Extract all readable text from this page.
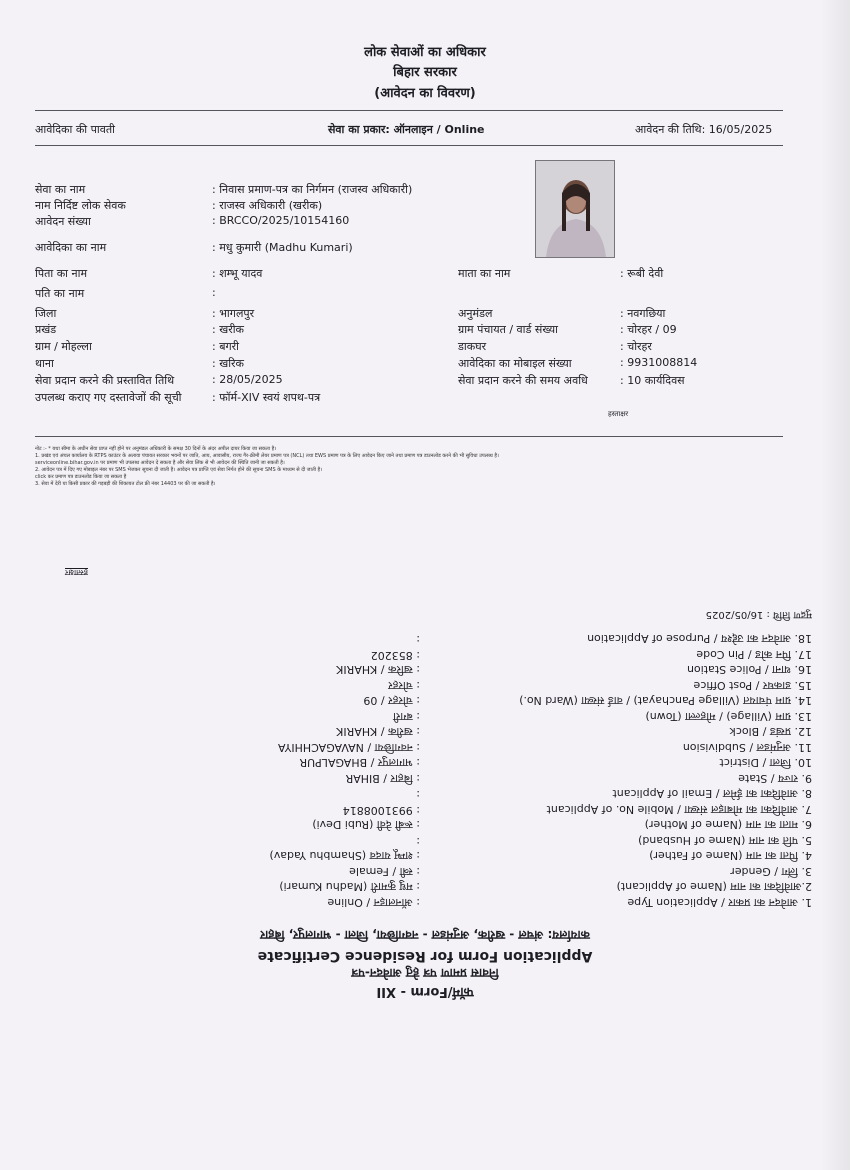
लोक सेवाओं का अधिकार
बिहार सरकार
(आवेदन का विवरण)
आवेदिका की पावती	सेवा का प्रकार: ऑनलाइन / Online	आवेदन की तिथि: 16/05/2025
सेवा का नाम	: निवास प्रमाण-पत्र का निर्गमन (राजस्व अधिकारी)
नाम निर्दिष्ट लोक सेवक	: राजस्व अधिकारी (खरीक)
आवेदन संख्या	: BRCCO/2025/10154160
आवेदिका का नाम	: मधु कुमारी (Madhu Kumari)
पिता का नाम	: शम्भू यादव	माता का नाम	: रूबी देवी
पति का नाम	:
जिला	: भागलपुर	अनुमंडल	: नवगछिया
प्रखंड	: खरीक	ग्राम पंचायत / वार्ड संख्या	: चोरहर / 09
ग्राम / मोहल्ला	: बगरी	डाकघर	: चोरहर
थाना	: खरिक	आवेदिका का मोबाइल संख्या	: 9931008814
सेवा प्रदान करने की प्रस्तावित तिथि	: 28/05/2025	सेवा प्रदान करने की समय अवधि	: 10 कार्यदिवस
उपलब्ध कराए गए दस्तावेजों की सूची	: फॉर्म-XIV स्वयं शपथ-पत्र
हस्ताक्षर
नोट :- * यथा सीमा के अधीन सेवा प्राप्त नहीं होने पर अनुमंडल अधिकारी के समक्ष 30 दिनों के अंदर अपील दायर किया जा सकता है।
1. प्रखंड एवं अंचल कार्यालय के RTPS काउंटर के अलावा पंचायत सरकार भवनों पर जाति, आय, आवासीय, राज्य गैर-क्रीमी लेयर प्रमाण पत्र (NCL) तथा EWS प्रमाण पत्र के लिए आवेदन किए जाने तथा प्रमाण पत्र डाउनलोड करने की भी सुविधा उपलब्ध है।
serviceonline.bihar.gov.in पर प्रमाण भी उपलब्ध आवेदन दे सकता है और सेवा लिंक से भी आवेदन की स्थिति जानी जा सकती है।
2. आवेदन पत्र में दिए गए मोबाइल नंबर पर SMS भेजकर सूचना दी जाती है। आवेदन पत्र प्राप्ति एवं सेवा निर्गत होने की सूचना SMS के माध्यम से दी जाती है।
click कर प्रमाण पत्र डाउनलोड किया जा सकता है
3. सेवा में देरी या किसी प्रकार की गड़बड़ी की शिकायत टोल फ्री नंबर 14403 पर की जा सकती है।
फॉर्म/Form - XII
निवास प्रमाण पत्र हेतु आवेदन-पत्र
Application Form for Residence Certificate
कार्यालय: अंचल - खरीक, अनुमंडल - नवगछिया, जिला - भागलपुर, बिहार
1. आवेदन का प्रकार / Application Type
: ऑनलाइन / Online
2.आवेदिका का नाम (Name of Applicant)
: मधु कुमारी (Madhu Kumari)
3. लिंग / Gender
: स्त्री / Female
4. पिता का नाम (Name of Father)
: शम्भू यादव (Shambhu Yadav)
5. पति का नाम (Name of Husband)
:
6. माता का नाम (Name of Mother)
: रूबी देवी (Rubi Devi)
7. आवेदिका का मोबाइल संख्या / Mobile No. of Applicant
: 9931008814
8. आवेदिका का ईमेल / Email of Applicant
:
9. राज्य / State
: बिहार / BIHAR
10. जिला / District
: भागलपुर / BHAGALPUR
11. अनुमंडल / Subdivision
: नवगछिया / NAVAGACHHIYA
12. प्रखंड / Block
: खरीक / KHARIK
13. ग्राम (Village) / मोहल्ला (Town)
: बगरी
14. ग्राम पंचायत (Village Panchayat) / वार्ड संख्या (Ward No.)
: चोरहर / 09
15. डाकघर / Post Office
: चोरहर
16. थाना / Police Station
: खरिक / KHARIK
17. पिन कोड / Pin Code
: 853202
18. आवेदन का उद्देश्य / Purpose of Application
:
मुद्रण तिथि : 16/05/2025
हस्ताक्षर
